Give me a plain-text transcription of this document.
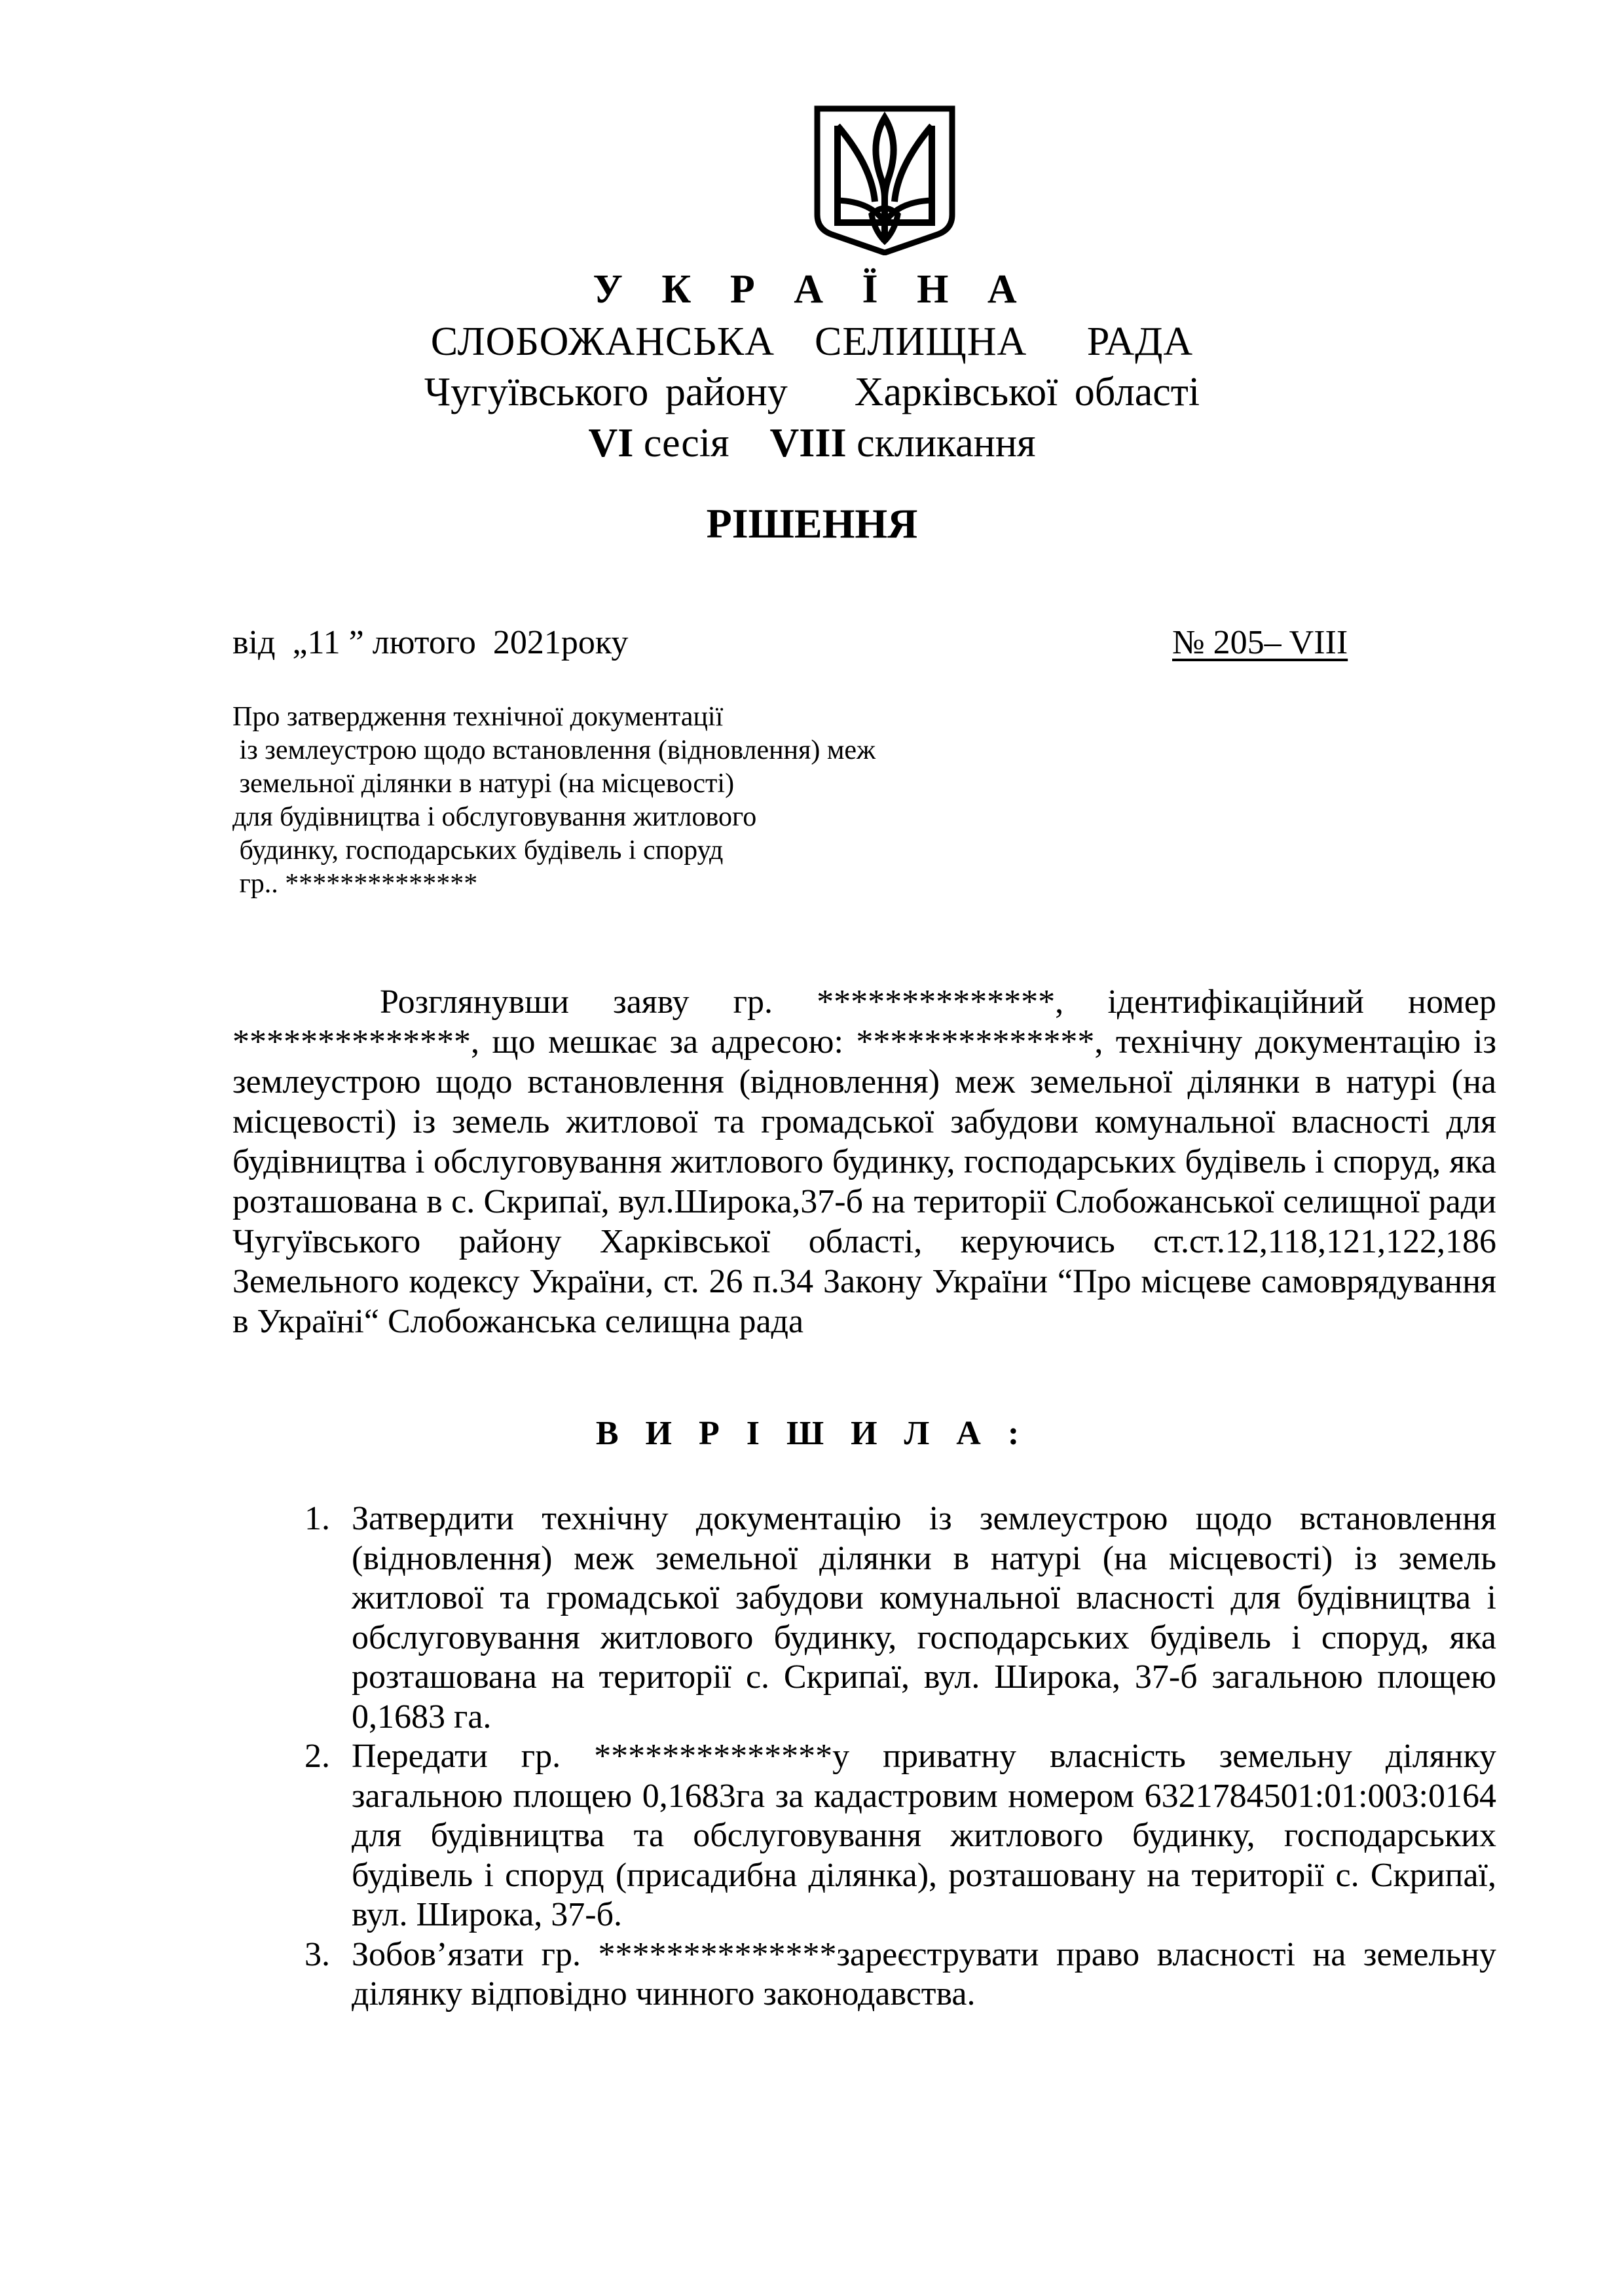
У К Р А Ї Н А
СЛОБОЖАНСЬКА  СЕЛИЩНА   РАДА
Чугуївського району    Харківської області
VI сесія    VIII скликання
РІШЕННЯ
від  „11 ” лютого  2021року	№ 205– VIII
Про затвердження технічної документації
із землеустрою щодо встановлення (відновлення) меж
земельної ділянки в натурі (на місцевості)
для будівництва і обслуговування житлового
будинку, господарських будівель і споруд
гр.. **************
Розглянувши заяву гр. **************, ідентифікаційний номер **************, що мешкає за адресою: **************, технічну документацію із землеустрою щодо встановлення (відновлення) меж земельної ділянки в натурі (на місцевості) із земель житлової та громадської забудови комунальної власності для будівництва і обслуговування житлового будинку, господарських будівель і споруд, яка розташована в с. Скрипаї, вул.Широка,37-б на території Слобожанської селищної ради Чугуївського району Харківської області, керуючись ст.ст.12,118,121,122,186 Земельного кодексу України, ст. 26 п.34 Закону України “Про місцеве самоврядування в Україні“ Слобожанська селищна рада
В И Р І Ш И Л А :
1. Затвердити технічну документацію із землеустрою щодо встановлення (відновлення) меж земельної ділянки в натурі (на місцевості) із земель житлової та громадської забудови комунальної власності для будівництва і обслуговування житлового будинку, господарських будівель і споруд, яка розташована на території с. Скрипаї, вул. Широка, 37-б загальною площею 0,1683 га.
2. Передати гр. **************у приватну власність земельну ділянку загальною площею 0,1683га за кадастровим номером 6321784501:01:003:0164 для будівництва та обслуговування житлового будинку, господарських будівель і споруд (присадибна ділянка), розташовану на території с. Скрипаї, вул. Широка, 37-б.
3. Зобов’язати гр. **************зареєструвати право власності на земельну ділянку відповідно чинного законодавства.
